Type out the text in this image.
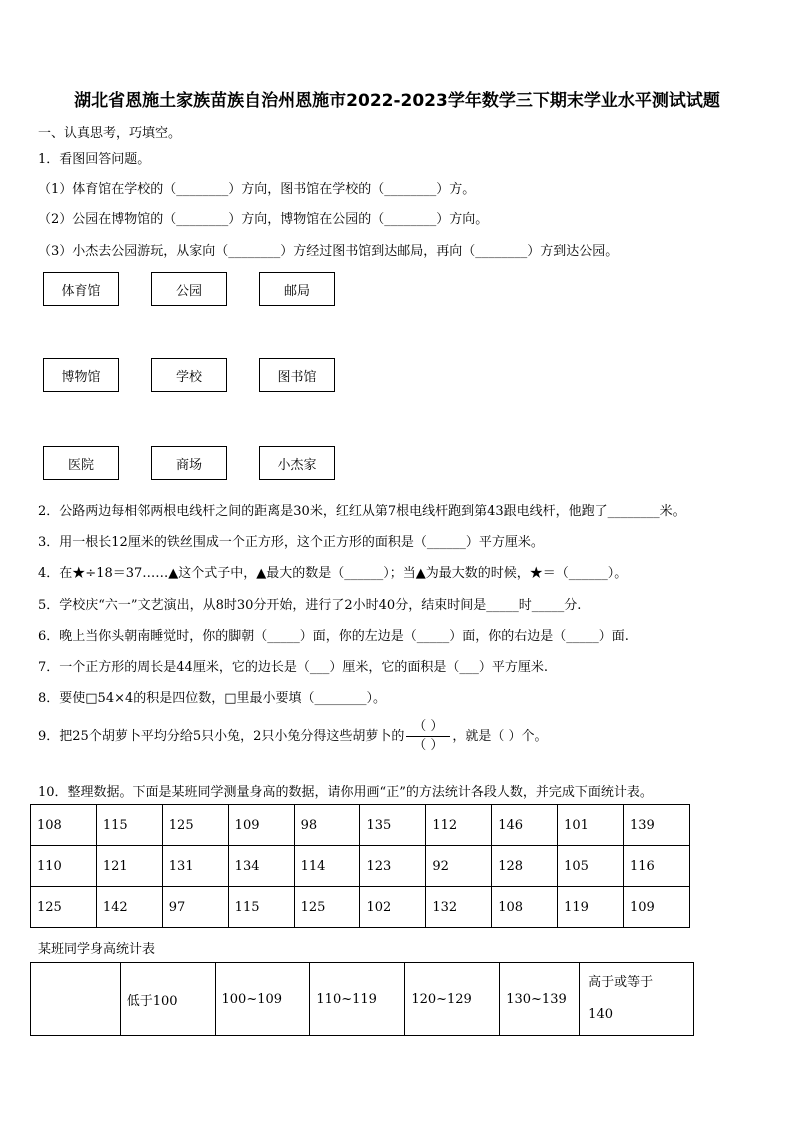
湖北省恩施土家族苗族自治州恩施市2022-2023学年数学三下期末学业水平测试试题
一、认真思考，巧填空。
1．看图回答问题。
（1）体育馆在学校的（________）方向，图书馆在学校的（________）方。
（2）公园在博物馆的（________）方向，博物馆在公园的（________）方向。
（3）小杰去公园游玩，从家向（________）方经过图书馆到达邮局，再向（________）方到达公园。
体育馆	公园	邮局
博物馆	学校	图书馆
医院	商场	小杰家
2．公路两边每相邻两根电线杆之间的距离是30米，红红从第7根电线杆跑到第43跟电线杆，他跑了________米。
3．用一根长12厘米的铁丝围成一个正方形，这个正方形的面积是（______）平方厘米。
4．在★÷18＝37……▲这个式子中，▲最大的数是（______）；当▲为最大数的时候，★＝（______）。
5．学校庆“六一”文艺演出，从8时30分开始，进行了2小时40分，结束时间是_____时_____分.
6．晚上当你头朝南睡觉时，你的脚朝（_____）面，你的左边是（_____）面，你的右边是（_____）面.
7．一个正方形的周长是44厘米，它的边长是（___）厘米，它的面积是（___）平方厘米.
8．要使□54×4的积是四位数，□里最小要填（________）。
9．把25个胡萝卜平均分给5只小兔，2只小兔分得这些胡萝卜的 $\frac{( )}{( )}$ ，就是（ ）个。
10．整理数据。下面是某班同学测量身高的数据，请你用画“正”的方法统计各段人数，并完成下面统计表。
108	115	125	109	98	135	112	146	101	139
110	121	131	134	114	123	92	128	105	116
125	142	97	115	125	102	132	108	119	109
某班同学身高统计表
	低于100	100~109	110~119	120~129	130~139	高于或等于140
